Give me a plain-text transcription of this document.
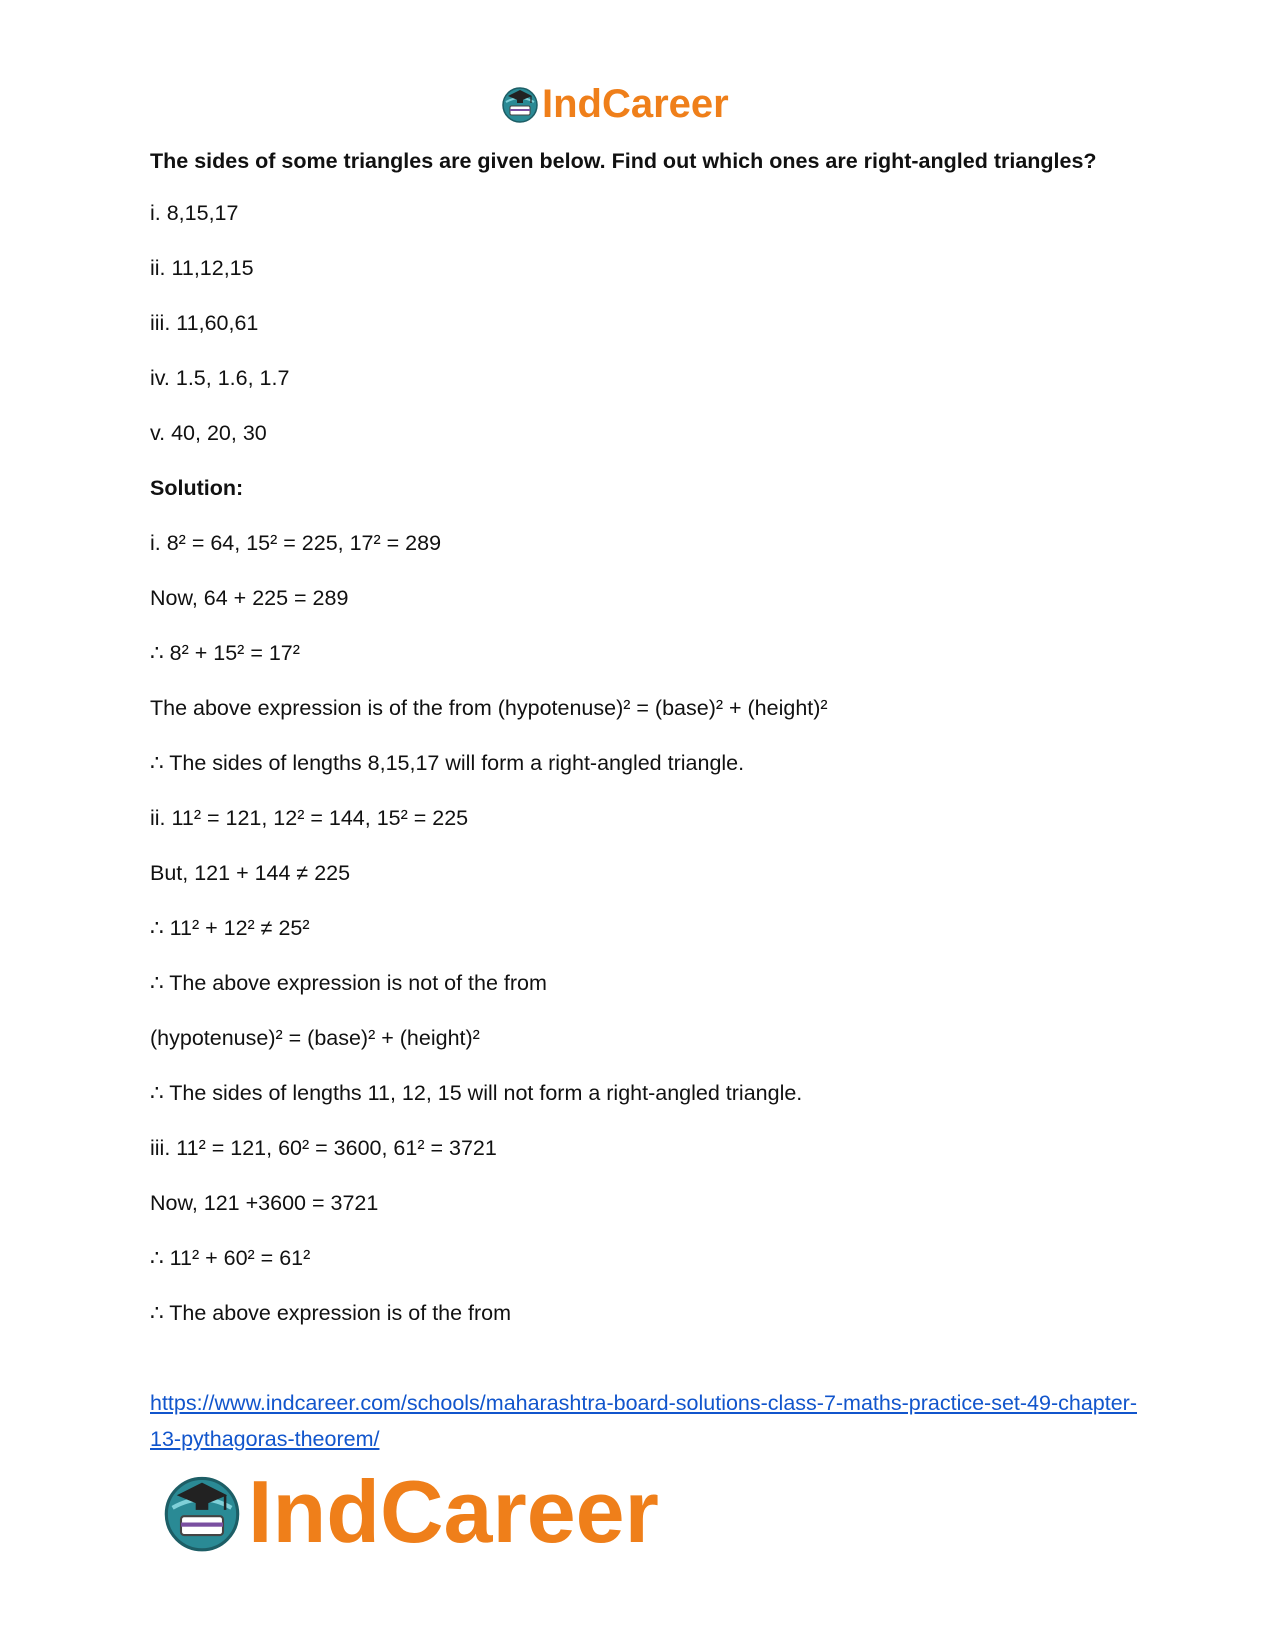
IndCareer
The sides of some triangles are given below. Find out which ones are right-angled triangles?
i. 8,15,17
ii. 11,12,15
iii. 11,60,61
iv. 1.5, 1.6, 1.7
v. 40, 20, 30
Solution:
i. 8² = 64, 15² = 225, 17² = 289
Now, 64 + 225 = 289
∴ 8² + 15² = 17²
The above expression is of the from (hypotenuse)² = (base)² + (height)²
∴ The sides of lengths 8,15,17 will form a right-angled triangle.
ii. 11² = 121, 12² = 144, 15² = 225
But, 121 + 144 ≠ 225
∴ 11² + 12² ≠ 25²
∴ The above expression is not of the from
(hypotenuse)² = (base)² + (height)²
∴ The sides of lengths 11, 12, 15 will not form a right-angled triangle.
iii. 11² = 121, 60² = 3600, 61² = 3721
Now, 121 +3600 = 3721
∴ 11² + 60² = 61²
∴ The above expression is of the from
https://www.indcareer.com/schools/maharashtra-board-solutions-class-7-maths-practice-set-49-chapter-13-pythagoras-theorem/
IndCareer
